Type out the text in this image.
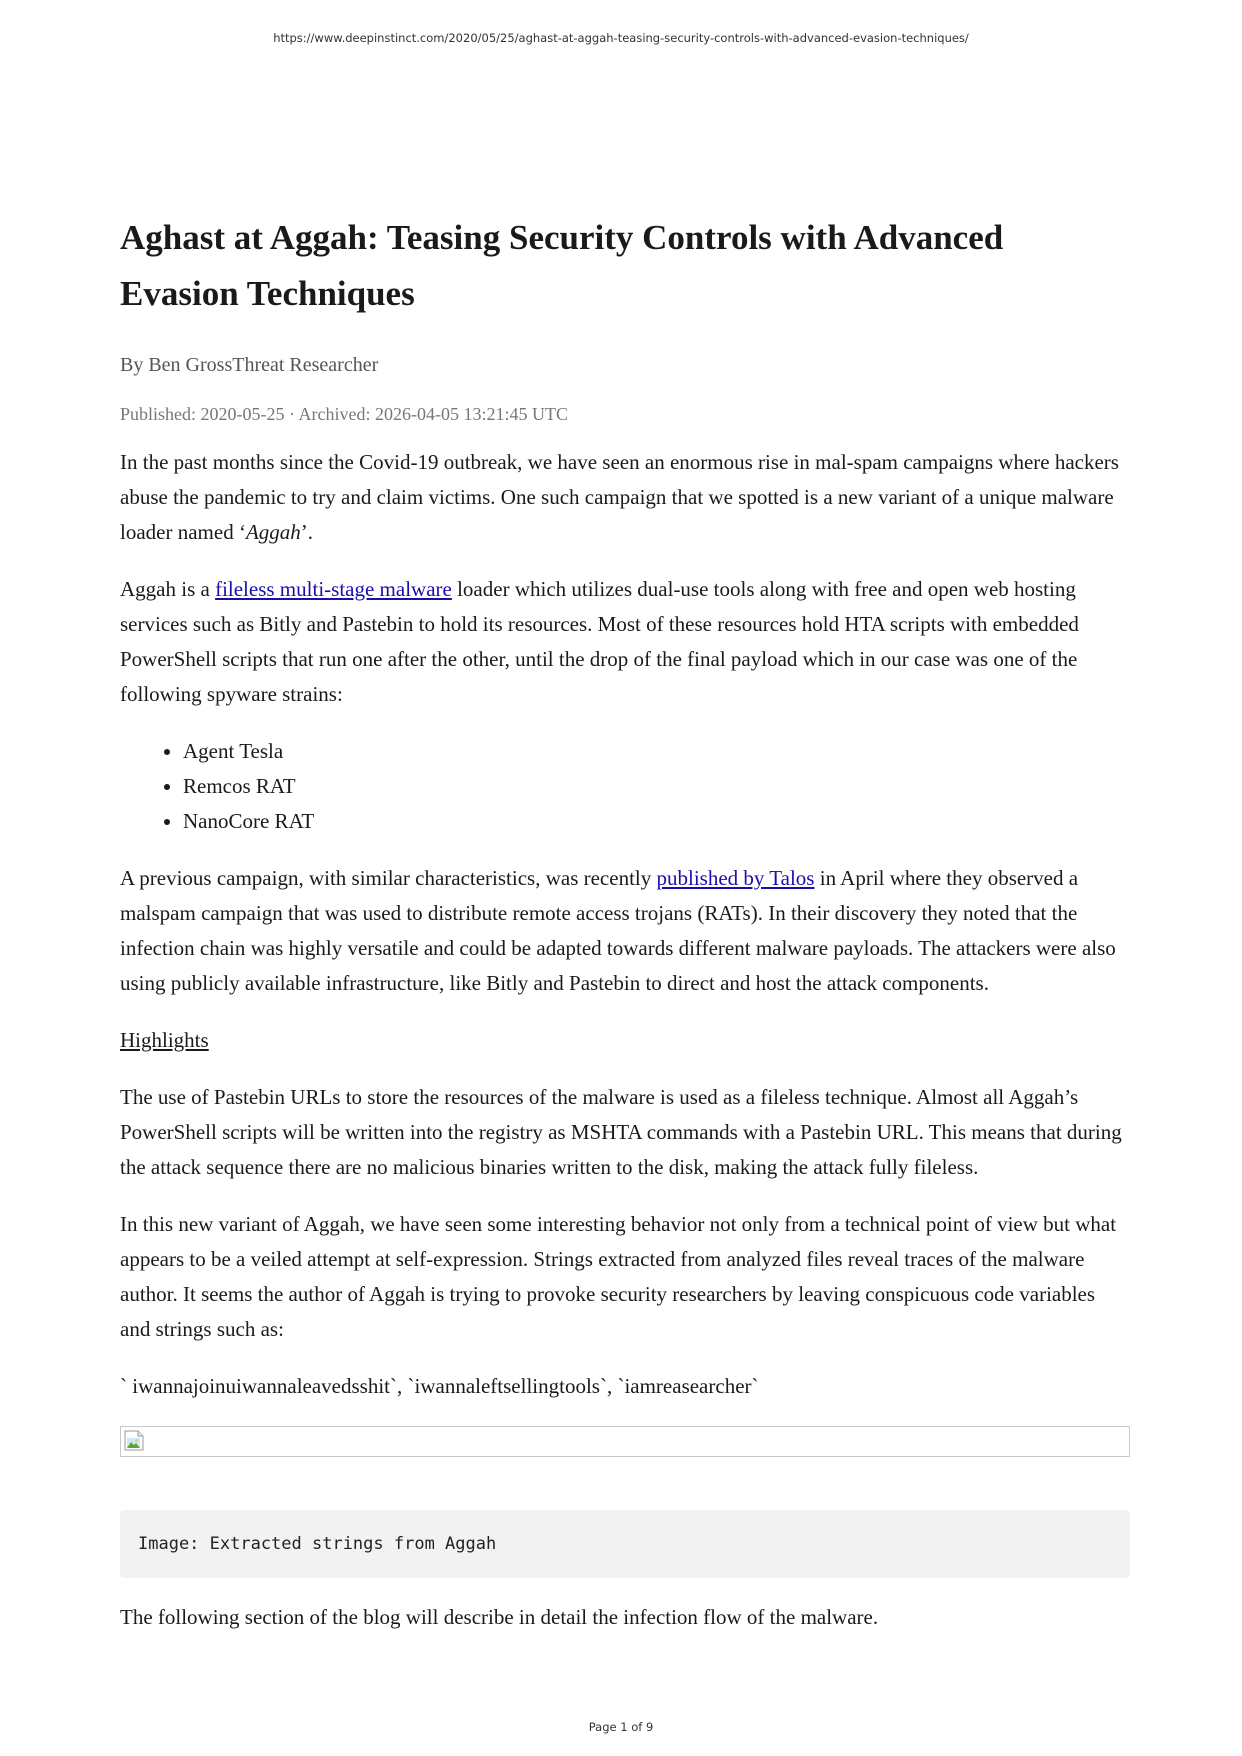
https://www.deepinstinct.com/2020/05/25/aghast-at-aggah-teasing-security-controls-with-advanced-evasion-techniques/
Aghast at Aggah: Teasing Security Controls with Advanced Evasion Techniques
By Ben GrossThreat Researcher
Published: 2020-05-25 · Archived: 2026-04-05 13:21:45 UTC

In the past months since the Covid-19 outbreak, we have seen an enormous rise in mal-spam campaigns where hackers abuse the pandemic to try and claim victims. One such campaign that we spotted is a new variant of a unique malware loader named ‘Aggah’.

Aggah is a fileless multi-stage malware loader which utilizes dual-use tools along with free and open web hosting services such as Bitly and Pastebin to hold its resources. Most of these resources hold HTA scripts with embedded PowerShell scripts that run one after the other, until the drop of the final payload which in our case was one of the following spyware strains:

• Agent Tesla
• Remcos RAT
• NanoCore RAT

A previous campaign, with similar characteristics, was recently published by Talos in April where they observed a malspam campaign that was used to distribute remote access trojans (RATs). In their discovery they noted that the infection chain was highly versatile and could be adapted towards different malware payloads. The attackers were also using publicly available infrastructure, like Bitly and Pastebin to direct and host the attack components.

Highlights

The use of Pastebin URLs to store the resources of the malware is used as a fileless technique. Almost all Aggah’s PowerShell scripts will be written into the registry as MSHTA commands with a Pastebin URL. This means that during the attack sequence there are no malicious binaries written to the disk, making the attack fully fileless.

In this new variant of Aggah, we have seen some interesting behavior not only from a technical point of view but what appears to be a veiled attempt at self-expression. Strings extracted from analyzed files reveal traces of the malware author. It seems the author of Aggah is trying to provoke security researchers by leaving conspicuous code variables and strings such as:

` iwannajoinuiwannaleavedsshit`, `iwannaleftsellingtools`, `iamreasearcher`

Image: Extracted strings from Aggah

The following section of the blog will describe in detail the infection flow of the malware.

Page 1 of 9
